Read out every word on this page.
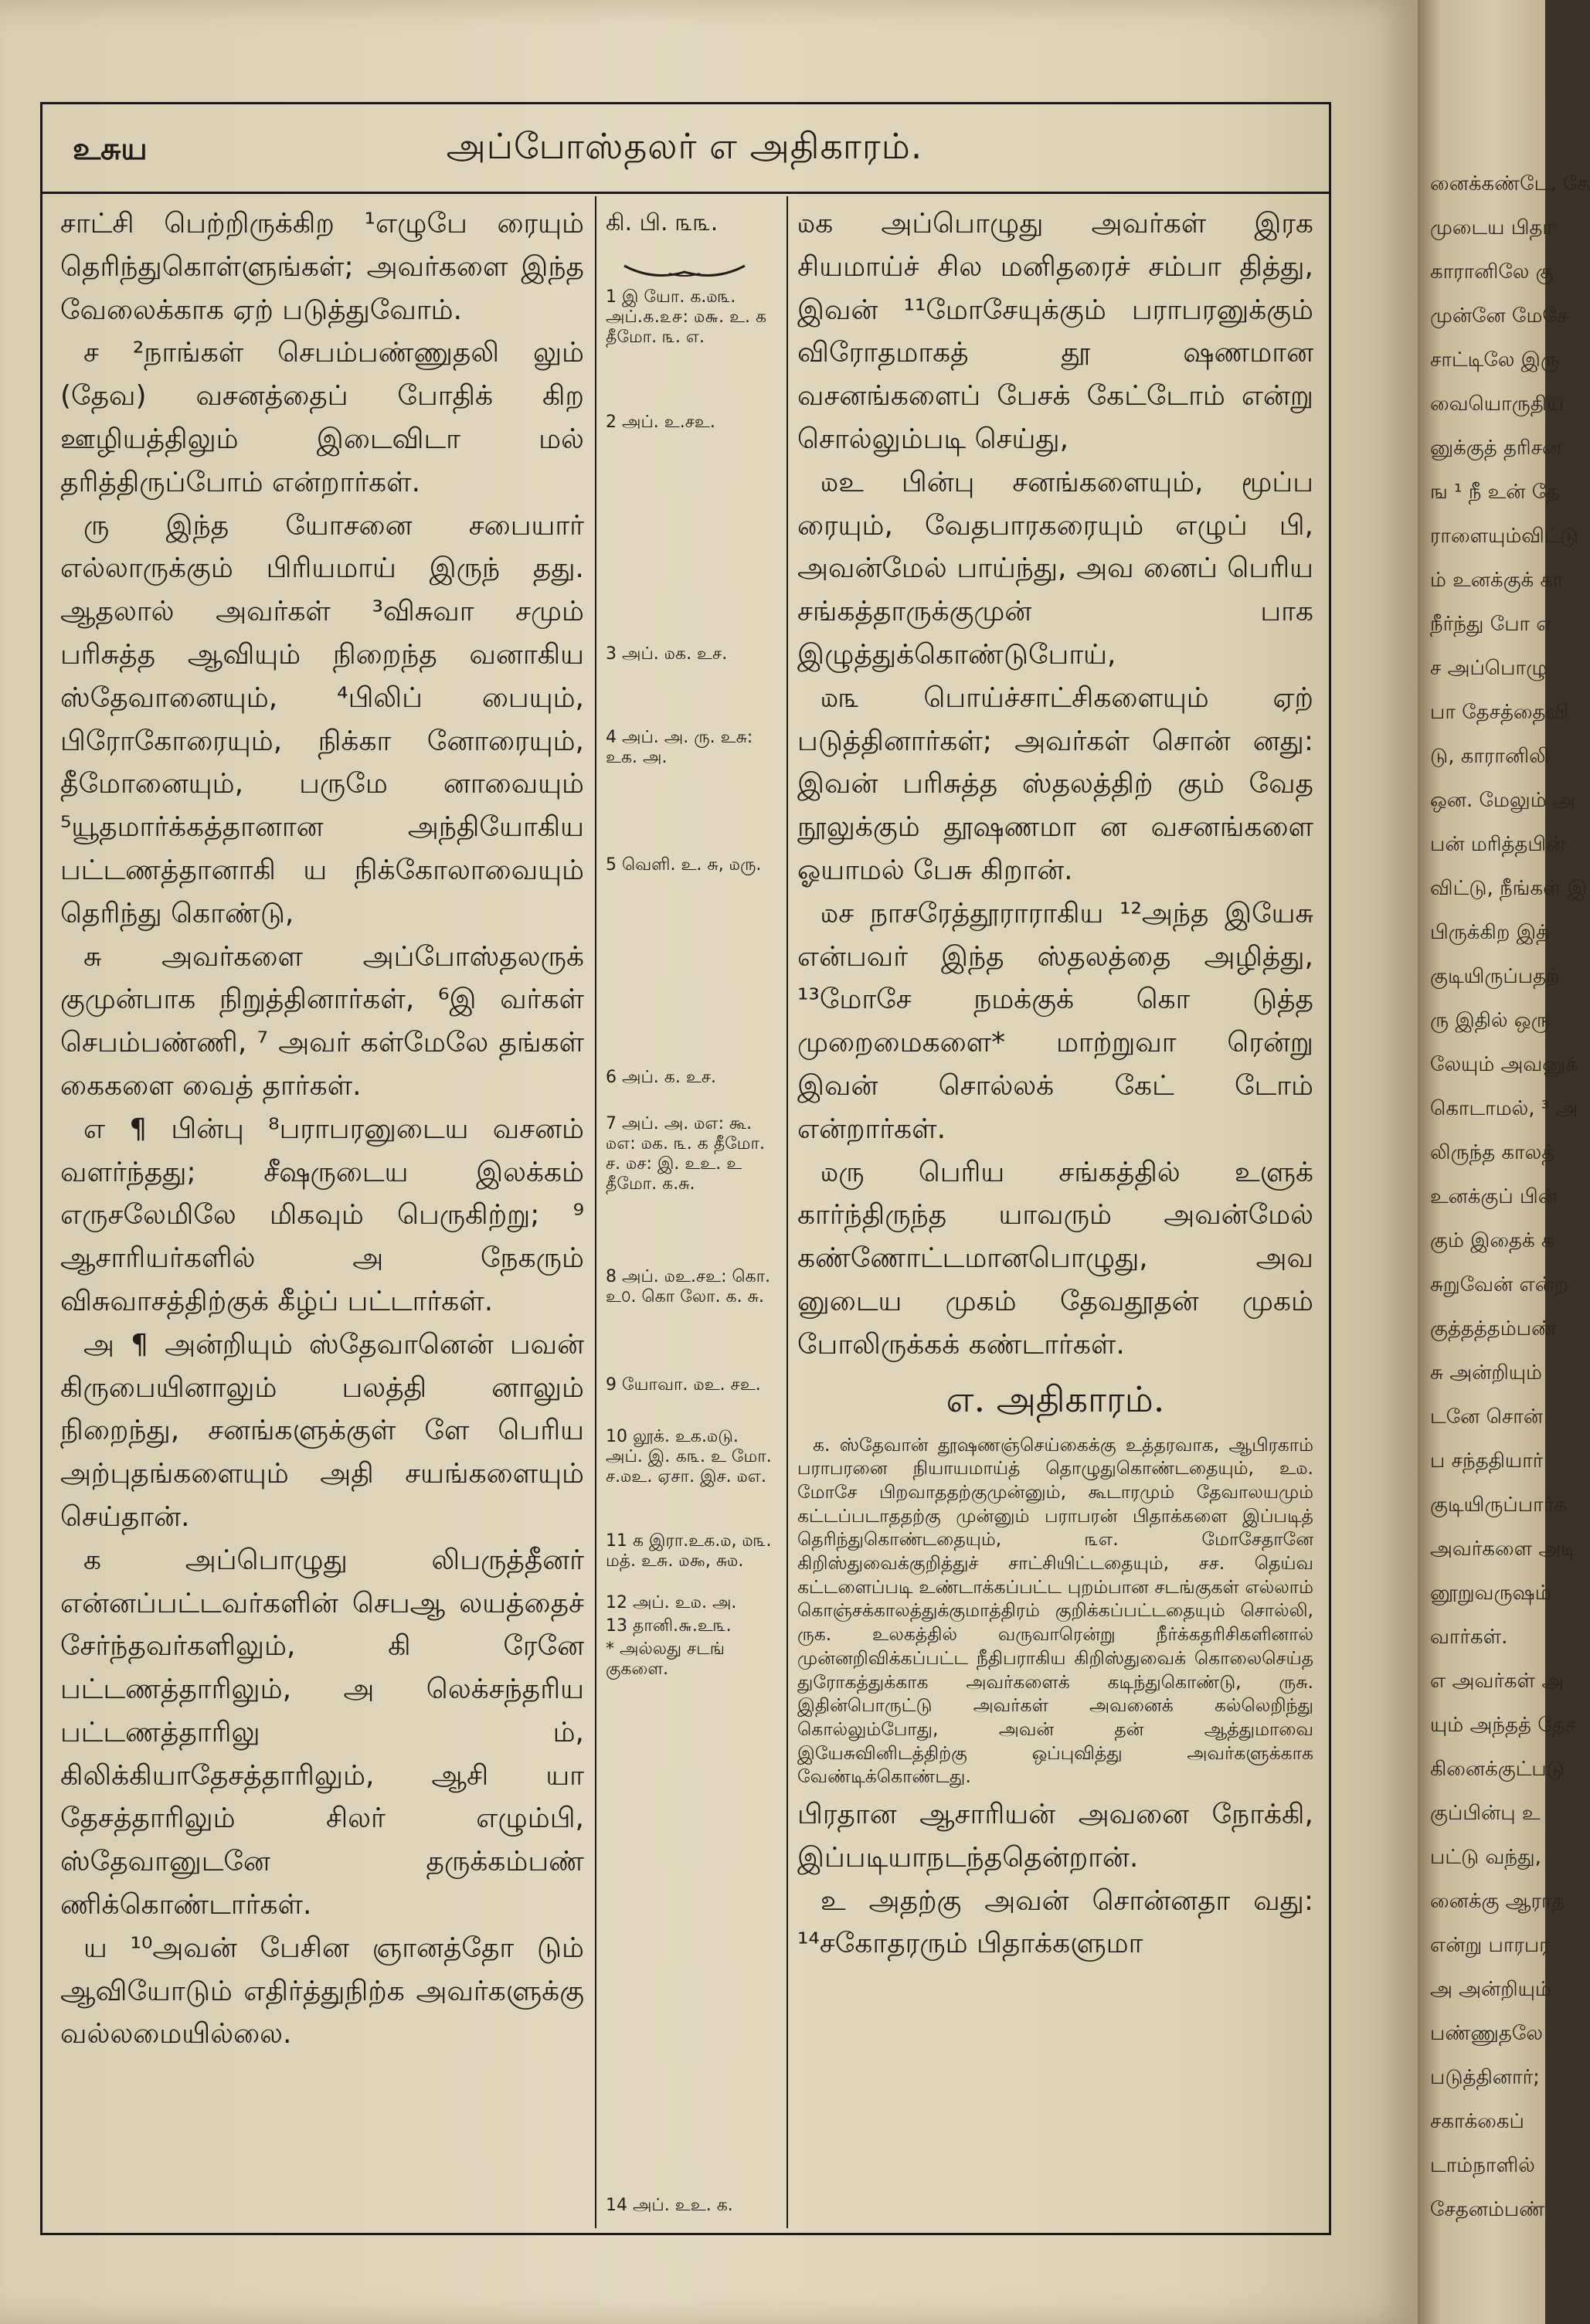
னைக்கண்டே, கே
முடைய பிதா
காரானிலே கு
முன்னே மேசே
சாட்டிலே இரு
வையொருதிய
னுக்குத் தரிசன
ங ¹ நீ உன் தே
ராளையும்விட்டு
ம் உனக்குக் கா
நீர்ந்து போ எ
ச அப்பொழு
பா தேசத்தைவி
டு, காரானிலி
ஒன. மேலும் அ
பன் மரித்தபின்
விட்டு, நீங்கள் இ
பிருக்கிற இத்
குடியிருப்பதற்
ரு இதில் ஒரு
லேயும் அவனுக்
கொடாமல், ³ அ
லிருந்த காலத்
உனக்குப் பின்
கும் இதைக் க
சுறுவேன் என்ற
குத்தத்தம்பண்
சு அன்றியும்
டனே சொன்
ப சந்ததியார்
குடியிருப்பார்க
அவர்களை அடி
னூறுவருஷம்
வார்கள்.
எ அவர்கள் அ
யும் அந்தத் தேச
கினைக்குட்படு
குப்பின்பு உ
பட்டு வந்து,
னைக்கு ஆராத
என்று பாரபர
அ அன்றியும்
பண்ணுதலே
படுத்தினார்;
சகாக்கைப்
டாம்நாளில்
சேதனம்பண்
உசுய	அப்போஸ்தலர் எ அதிகாரம்.

சாட்சி பெற்றிருக்கிற ¹எழுபே ரையும் தெரிந்துகொள்ளுங்கள்; அவர்களை இந்த வேலைக்காக ஏற் படுத்துவோம்.

ச ²நாங்கள் செபம்பண்ணுதலி லும் (தேவ) வசனத்தைப் போதிக் கிற ஊழியத்திலும் இடைவிடா மல் தரித்திருப்போம் என்றார்கள்.

ரு இந்த யோசனை சபையார் எல்லாருக்கும் பிரியமாய் இருந் தது. ஆதலால் அவர்கள் ³விசுவா சமும் பரிசுத்த ஆவியும் நிறைந்த வனாகிய ஸ்தேவானையும், ⁴பிலிப் பையும், பிரோகோரையும், நிக்கா னோரையும், தீமோனையும், பருமே னாவையும் ⁵யூதமார்க்கத்தானான அந்தியோகிய பட்டணத்தானாகி ய நிக்கோலாவையும் தெரிந்து கொண்டு,

சு அவர்களை அப்போஸ்தலருக் குமுன்பாக நிறுத்தினார்கள், ⁶இ வர்கள் செபம்பண்ணி, ⁷ அவர் கள்மேலே தங்கள் கைகளை வைத் தார்கள்.

எ ¶ பின்பு ⁸பராபரனுடைய வசனம் வளர்ந்தது; சீஷருடைய இலக்கம் எருசலேமிலே மிகவும் பெருகிற்று; ⁹ ஆசாரியர்களில் அ நேகரும் விசுவாசத்திற்குக் கீழ்ப் பட்டார்கள்.

அ ¶ அன்றியும் ஸ்தேவானென் பவன் கிருபையினாலும் பலத்தி னாலும் நிறைந்து, சனங்களுக்குள் ளே பெரிய அற்புதங்களையும் அதி சயங்களையும் செய்தான்.

க அப்பொழுது லிபருத்தீனர் என்னப்பட்டவர்களின் செபஆ லயத்தைச் சேர்ந்தவர்களிலும், கி ரேனே பட்டணத்தாரிலும், அ லெக்சந்தரிய பட்டணத்தாரிலு ம், கிலிக்கியாதேசத்தாரிலும், ஆசி யா தேசத்தாரிலும் சிலர் எழும்பி, ஸ்தேவானுடனே தருக்கம்பண் ணிக்கொண்டார்கள்.

ய ¹⁰அவன் பேசின ஞானத்தோ டும் ஆவியோடும் எதிர்த்துநிற்க அவர்களுக்கு வல்லமையில்லை.

கி. பி. ௩௩.
1 இ யோ. க.௰௩. அப்.௧.௨௪: ௰௬. உ. க தீமோ. ௩. எ.
2 அப். உ.சஉ.
3 அப். ௰க. உச.
4 அப். அ. ரு. உசு: உக. அ.
5 வெளி. உ. சு, ௰ரு.
6 அப். க. உச.
7 அப். அ. ௰எ: கூ. ௰எ: ௰க. ௩. க தீமோ. ச. ௰ச: இ. உஉ. உ தீமோ. க.சு.
8 அப். ௰உ.சஉ: கொ. உ௦. கொ லோ. க. சு.
9 யோவா. ௰உ. சஉ.
10 லூக். உக.௰டு. அப். இ. ௧௩. உ மோ. ச.௰உ. ஏசா. இச. ௰எ.
11 க இரா.உக.௰, ௰௩. மத். உசு. ௰௯, சு௰.
12 அப். உ௰. அ.
13 தானி.௬.உ௩.
* அல்லது சடங் குகளை.
14 அப். உஉ. க.

௰க அப்பொழுது அவர்கள் இரக சியமாய்ச் சில மனிதரைச் சம்பா தித்து, இவன் ¹¹மோசேயுக்கும் பராபரனுக்கும் விரோதமாகத் தூ ஷணமான வசனங்களைப் பேசக் கேட்டோம் என்று சொல்லும்படி செய்து,

௰உ பின்பு சனங்களையும், மூப்ப ரையும், வேதபாரகரையும் எழுப் பி, அவன்மேல் பாய்ந்து, அவ னைப் பெரிய சங்கத்தாருக்குமுன் பாக இழுத்துக்கொண்டுபோய்,

௰௩ பொய்ச்சாட்சிகளையும் ஏற் படுத்தினார்கள்; அவர்கள் சொன் னது: இவன் பரிசுத்த ஸ்தலத்திற் கும் வேத நூலுக்கும் தூஷணமா ன வசனங்களை ஓயாமல் பேசு கிறான்.

௰ச நாசரேத்தூராராகிய ¹²அந்த இயேசு என்பவர் இந்த ஸ்தலத்தை அழித்து, ¹³மோசே நமக்குக் கொ டுத்த முறைமைகளை* மாற்றுவா ரென்று இவன் சொல்லக் கேட் டோம் என்றார்கள்.

௰ரு பெரிய சங்கத்தில் உளுக் கார்ந்திருந்த யாவரும் அவன்மேல் கண்ணோட்டமானபொழுது, அவ னுடைய முகம் தேவதூதன் முகம் போலிருக்கக் கண்டார்கள்.

எ. அதிகாரம்.

க. ஸ்தேவான் தூஷணஞ்செய்கைக்கு உத்தரவாக, ஆபிரகாம் பராபரனை நியாயமாய்த் தொழுதுகொண்டதையும், உ௰. மோசே பிறவாததற்குமுன்னும், கூடாரமும் தேவாலயமும் கட்டப்படாததற்கு முன்னும் பராபரன் பிதாக்களை இப்படித் தெரிந்துகொண்டதையும், ௩எ. மோசேதானே கிறிஸ்துவைக்குறித்துச் சாட்சியிட்டதையும், சச. தெய்வ கட்டளைப்படி உண்டாக்கப்பட்ட புறம்பான சடங்குகள் எல்லாம் கொஞ்சக்காலத்துக்குமாத்திரம் குறிக்கப்பட்டதையும் சொல்லி, ருக. உலகத்தில் வருவாரென்று நீர்க்கதரிசிகளினால் முன்னறிவிக்கப்பட்ட நீதிபராகிய கிறிஸ்துவைக் கொலைசெய்த துரோகத்துக்காக அவர்களைக் கடிந்துகொண்டு, ருசு. இதின்பொருட்டு அவர்கள் அவனைக் கல்லெறிந்து கொல்லும்போது, அவன் தன் ஆத்துமாவை இயேசுவினிடத்திற்கு ஒப்புவித்து அவர்களுக்காக வேண்டிக்கொண்டது.

பிரதான ஆசாரியன் அவனை நோக்கி, இப்படியாநடந்ததென்றான்.

உ அதற்கு அவன் சொன்னதா வது: ¹⁴சகோதரரும் பிதாக்களுமா
